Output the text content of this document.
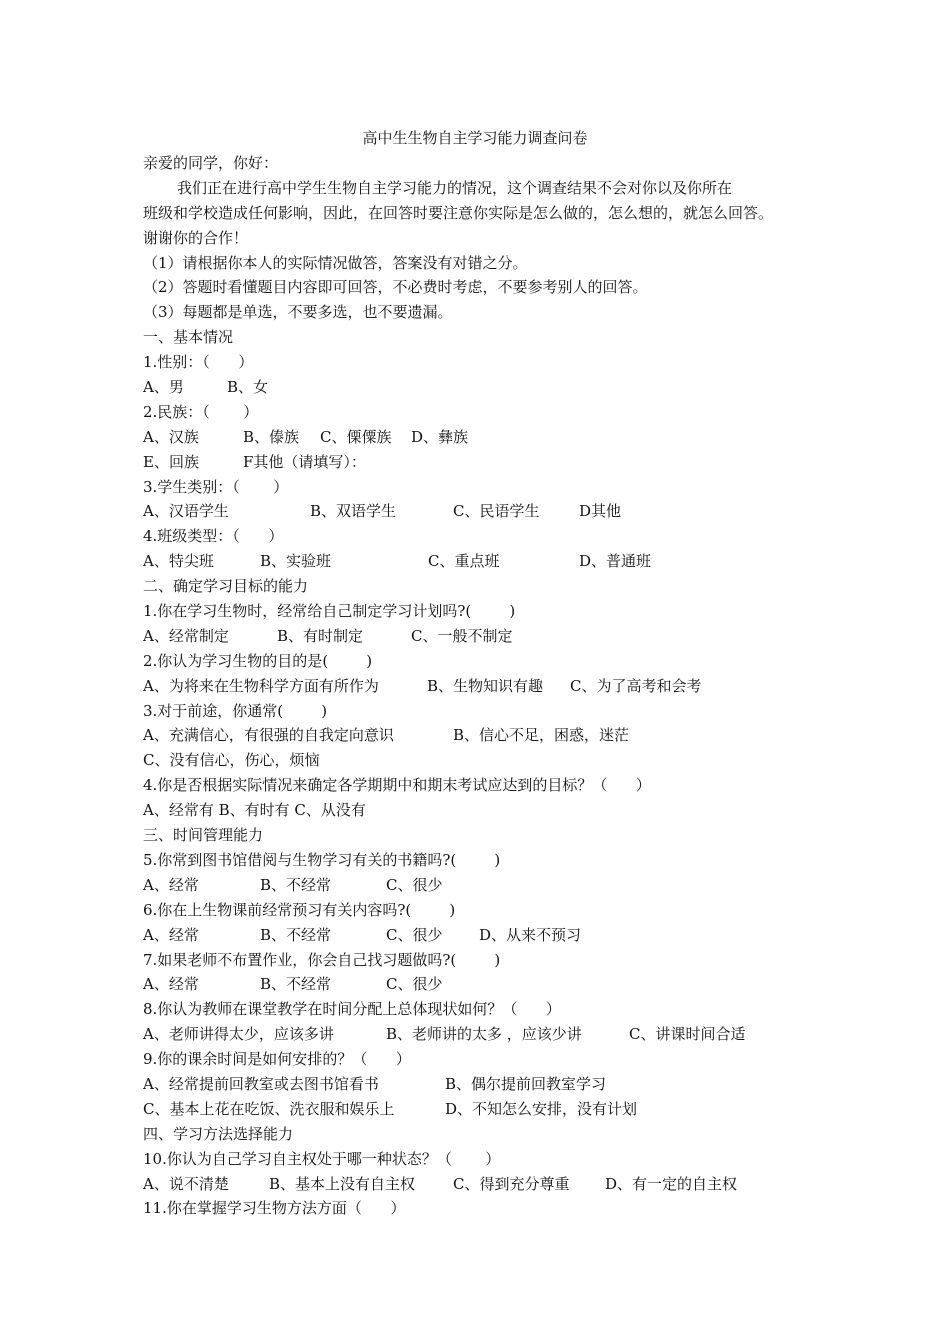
高中生生物自主学习能力调查问卷
亲爱的同学，你好：
我们正在进行高中学生生物自主学习能力的情况，这个调查结果不会对你以及你所在
班级和学校造成任何影响，因此，在回答时要注意你实际是怎么做的，怎么想的，就怎么回答。
谢谢你的合作！
（1）请根据你本人的实际情况做答，答案没有对错之分。
（2）答题时看懂题目内容即可回答，不必费时考虑，不要参考别人的回答。
（3）每题都是单选，不要多选，也不要遗漏。
一、基本情况
1.性别：（      ）
A、男	B、女
2.民族：（       ）
A、汉族	B、傣族 C、傈僳族 D、彝族
E、回族	F其他（请填写）：
3.学生类别：（       ）
A、汉语学生	B、双语学生	C、民语学生	D其他
4.班级类型：（      ）
A、特尖班	B、实验班	C、重点班	D、普通班
二、确定学习目标的能力
1.你在学习生物时，经常给自己制定学习计划吗?(        )
A、经常制定	B、有时制定	C、一般不制定
2.你认为学习生物的目的是(        )
A、为将来在生物科学方面有所作为	B、生物知识有趣 C、为了高考和会考
3.对于前途，你通常(        )
A、充满信心，有很强的自我定向意识	B、信心不足，困惑，迷茫
C、没有信心，伤心，烦恼
4.你是否根据实际情况来确定各学期期中和期末考试应达到的目标？（      ）
A、经常有 B、有时有 C、从没有
三、时间管理能力
5.你常到图书馆借阅与生物学习有关的书籍吗?(        )
A、经常	B、不经常	C、很少
6.你在上生物课前经常预习有关内容吗?(        )
A、经常	B、不经常	C、很少 D、从来不预习
7.如果老师不布置作业，你会自己找习题做吗?(        )
A、经常	B、不经常	C、很少
8.你认为教师在课堂教学在时间分配上总体现状如何？（      ）
A、老师讲得太少，应该多讲	B、老师讲的太多 ，应该少讲	C、讲课时间合适
9.你的课余时间是如何安排的？（      ）
A、经常提前回教室或去图书馆看书	B、偶尔提前回教室学习
C、基本上花在吃饭、洗衣服和娱乐上	D、不知怎么安排，没有计划
四、学习方法选择能力
10.你认为自己学习自主权处于哪一种状态？（       ）
A、说不清楚	B、基本上没有自主权	C、得到充分尊重 D、有一定的自主权
11.你在掌握学习生物方法方面（      ）
